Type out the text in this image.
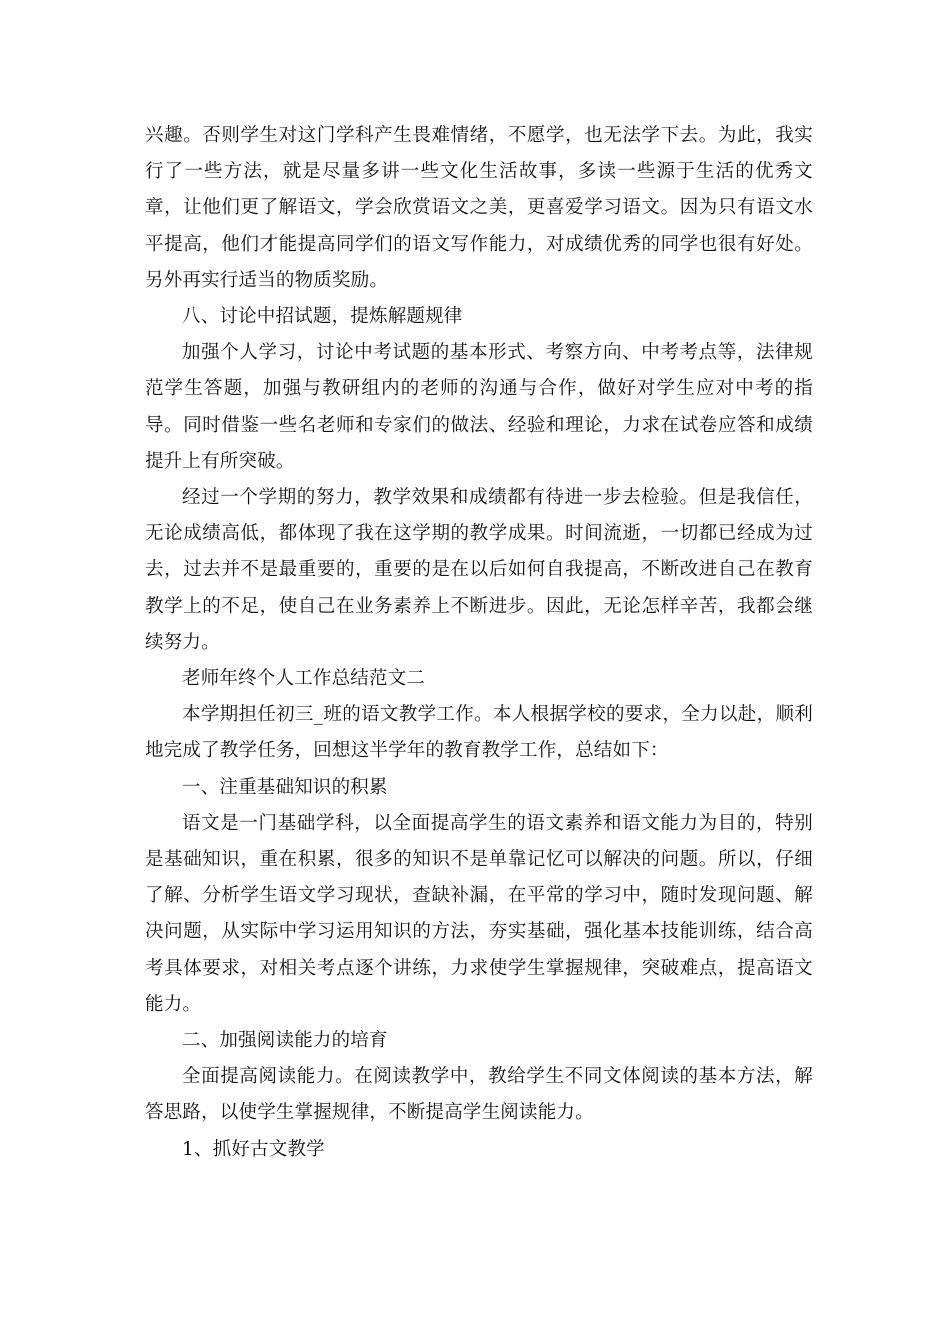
兴趣。否则学生对这门学科产生畏难情绪，不愿学，也无法学下去。为此，我实行了一些方法，就是尽量多讲一些文化生活故事，多读一些源于生活的优秀文章，让他们更了解语文，学会欣赏语文之美，更喜爱学习语文。因为只有语文水平提高，他们才能提高同学们的语文写作能力，对成绩优秀的同学也很有好处。另外再实行适当的物质奖励。

八、讨论中招试题，提炼解题规律

加强个人学习，讨论中考试题的基本形式、考察方向、中考考点等，法律规范学生答题，加强与教研组内的老师的沟通与合作，做好对学生应对中考的指导。同时借鉴一些名老师和专家们的做法、经验和理论，力求在试卷应答和成绩提升上有所突破。

经过一个学期的努力，教学效果和成绩都有待进一步去检验。但是我信任，无论成绩高低，都体现了我在这学期的教学成果。时间流逝，一切都已经成为过去，过去并不是最重要的，重要的是在以后如何自我提高，不断改进自己在教育教学上的不足，使自己在业务素养上不断进步。因此，无论怎样辛苦，我都会继续努力。

老师年终个人工作总结范文二

本学期担任初三_班的语文教学工作。本人根据学校的要求，全力以赴，顺利地完成了教学任务，回想这半学年的教育教学工作，总结如下：

一、注重基础知识的积累

语文是一门基础学科，以全面提高学生的语文素养和语文能力为目的，特别是基础知识，重在积累，很多的知识不是单靠记忆可以解决的问题。所以，仔细了解、分析学生语文学习现状，查缺补漏，在平常的学习中，随时发现问题、解决问题，从实际中学习运用知识的方法，夯实基础，强化基本技能训练，结合高考具体要求，对相关考点逐个讲练，力求使学生掌握规律，突破难点，提高语文能力。

二、加强阅读能力的培育

全面提高阅读能力。在阅读教学中，教给学生不同文体阅读的基本方法，解答思路，以使学生掌握规律，不断提高学生阅读能力。

1、抓好古文教学
